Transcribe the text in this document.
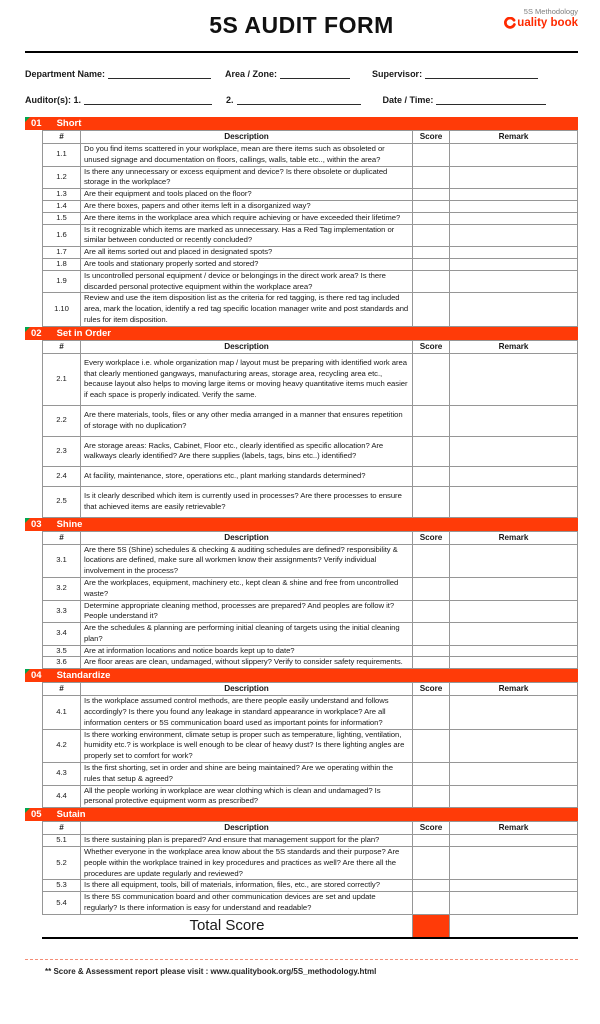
5S AUDIT FORM
5S Methodology
uality book
Department Name:	Area / Zone:	Supervisor:
Auditor(s): 1.	2.	Date / Time:
01 Short
#	Description	Score	Remark
1.1
Do you find items scattered in your workplace, mean are there items such as obsoleted or unused signage and documentation on floors, callings, walls, table etc.., within the area?
1.2
Is there any unnecessary or excess equipment and device? Is there obsolete or duplicated storage in the workplace?
1.3	Are their equipment and tools placed on the floor?
1.4	Are there boxes, papers and other items left in a disorganized way?
1.5	Are there items in the workplace area which require achieving or have exceeded their lifetime?
1.6
Is it recognizable which items are marked as unnecessary. Has a Red Tag implementation or similar between conducted or recently concluded?
1.7	Are all items sorted out and placed in designated spots?
1.8	Are tools and stationary properly sorted and stored?
1.9
Is uncontrolled personal equipment / device or belongings in the direct work area? Is there discarded personal protective equipment within the workplace area?
1.10
Review and use the item disposition list as the criteria for red tagging, is there red tag included area, mark the location, identify a red tag specific location manager write and post standards and rules for item disposition.
02 Set in Order
#	Description	Score	Remark
2.1
Every workplace i.e. whole organization map / layout must be preparing with identified work area that clearly mentioned gangways, manufacturing areas, storage area, recycling area etc., because layout also helps to moving large items or moving heavy quantitative items much easier if each space is properly indicated. Verify the same.
2.2
Are there materials, tools, files or any other media arranged in a manner that ensures repetition of storage with no duplication?
2.3
Are storage areas: Racks, Cabinet, Floor etc., clearly identified as specific allocation? Are walkways clearly identified? Are there supplies (labels, tags, bins etc..) identified?
2.4	At facility, maintenance, store, operations etc., plant marking standards determined?
2.5
Is it clearly described which item is currently used in processes? Are there processes to ensure that achieved items are easily retrievable?
03 Shine
#	Description	Score	Remark
3.1
Are there 5S (Shine) schedules & checking & auditing schedules are defined? responsibility & locations are defined, make sure all workmen know their assignments? Verify individual involvement in the process?
3.2
Are the workplaces, equipment, machinery etc., kept clean & shine and free from uncontrolled waste?
3.3
Determine appropriate cleaning method, processes are prepared? And peoples are follow it? People understand it?
3.4
Are the schedules & planning are performing initial cleaning of targets using the initial cleaning plan?
3.5	Are at information locations and notice boards kept up to date?
3.6	Are floor areas are clean, undamaged, without slippery? Verify to consider safety requirements.
04 Standardize
#	Description	Score	Remark
4.1
Is the workplace assumed control methods, are there people easily understand and follows accordingly? Is there you found any leakage in standard appearance in workplace? Are all information centers or 5S communication board used as important points for information?
4.2
Is there working environment, climate setup is proper such as temperature, lighting, ventilation, humidity etc.? is workplace is well enough to be clear of heavy dust? Is there lighting angles are properly set to comfort for work?
4.3
Is the first shorting, set in order and shine are being maintained? Are we operating within the rules that setup & agreed?
4.4
All the people working in workplace are wear clothing which is clean and undamaged? Is personal protective equipment worm as prescribed?
05 Sutain
#	Description	Score	Remark
5.1	Is there sustaining plan is prepared? And ensure that management support for the plan?
5.2
Whether everyone in the workplace area know about the 5S standards and their purpose? Are people within the workplace trained in key procedures and practices as well? Are there all the procedures are update regularly and reviewed?
5.3	Is there all equipment, tools, bill of materials, information, files, etc., are stored correctly?
5.4
Is there 5S communication board and other communication devices are set and update regularly? Is there information is easy for understand and readable?
Total Score
** Score & Assessment report please visit : www.qualitybook.org/5S_methodology.html
